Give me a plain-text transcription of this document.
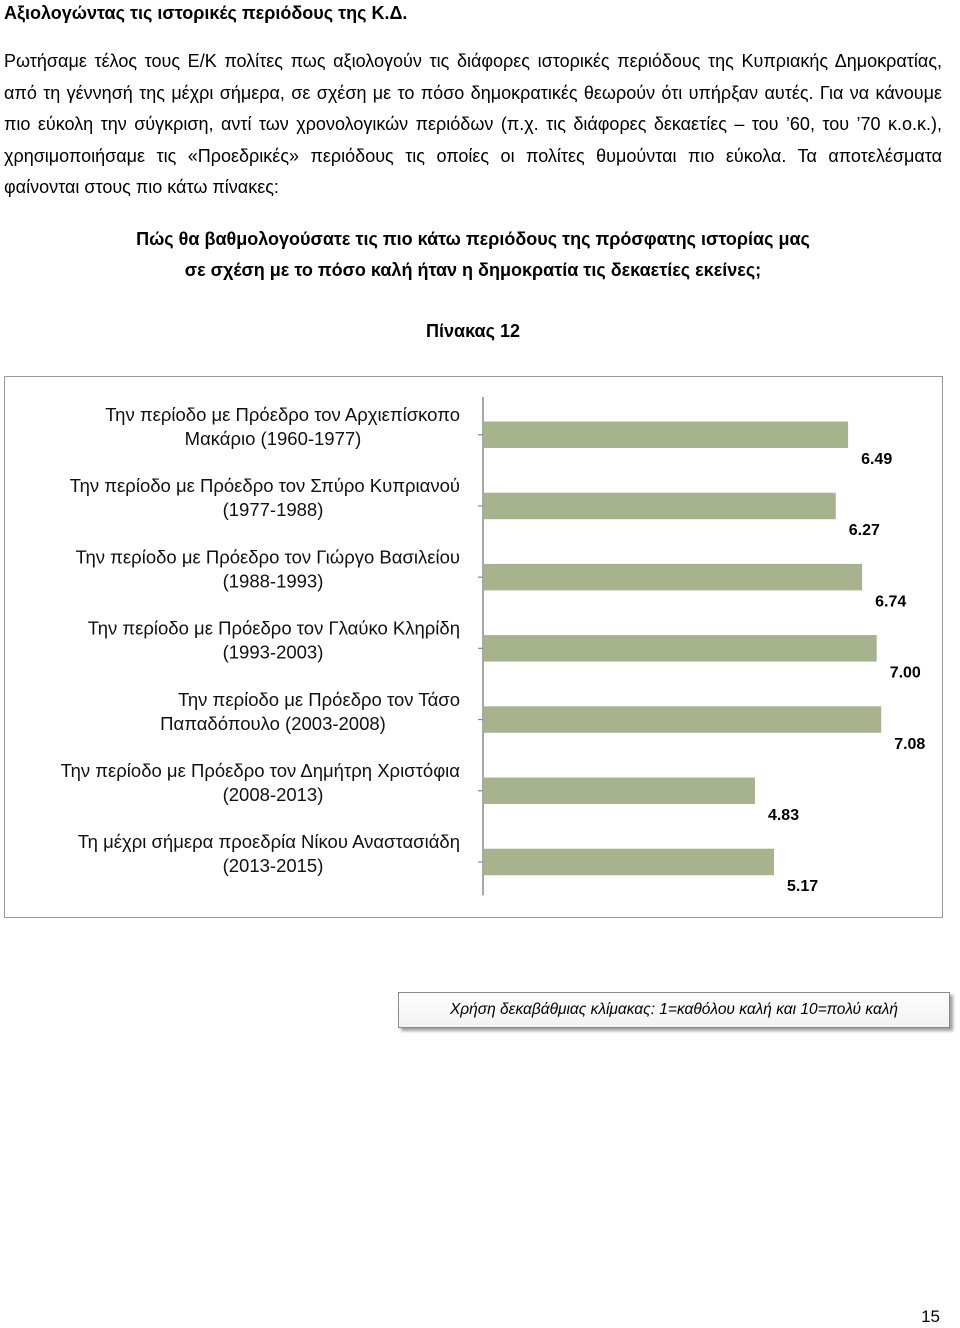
Αξιολογώντας τις ιστορικές περιόδους της Κ.Δ.

Ρωτήσαμε τέλος τους Ε/Κ πολίτες πως αξιολογούν τις διάφορες ιστορικές περιόδους της Κυπριακής Δημοκρατίας, από τη γέννησή της μέχρι σήμερα, σε σχέση με το πόσο δημοκρατικές θεωρούν ότι υπήρξαν αυτές. Για να κάνουμε πιο εύκολη την σύγκριση, αντί των χρονολογικών περιόδων (π.χ. τις διάφορες δεκαετίες – του ’60, του ’70 κ.ο.κ.), χρησιμοποιήσαμε τις «Προεδρικές» περιόδους τις οποίες οι πολίτες θυμούνται πιο εύκολα. Τα αποτελέσματα φαίνονται στους πιο κάτω πίνακες:

Πώς θα βαθμολογούσατε τις πιο κάτω περιόδους της πρόσφατης ιστορίας μας
σε σχέση με το πόσο καλή ήταν η δημοκρατία τις δεκαετίες εκείνες;
Πίνακας 12
6.49
Την περίοδο με Πρόεδρο τον Αρχιεπίσκοπο
Μακάριο (1960-1977)
6.27
Την περίοδο με Πρόεδρο τον Σπύρο Κυπριανού
(1977-1988)
6.74
Την περίοδο με Πρόεδρο τον Γιώργο Βασιλείου
(1988-1993)
7.00
Την περίοδο με Πρόεδρο τον Γλαύκο Κληρίδη
(1993-2003)
7.08
Την περίοδο με Πρόεδρο τον Τάσο
Παπαδόπουλο (2003-2008)
4.83
Την περίοδο με Πρόεδρο τον Δημήτρη Χριστόφια
(2008-2013)
5.17
Τη μέχρι σήμερα προεδρία Νίκου Αναστασιάδη
(2013-2015)
Χρήση δεκαβάθμιας κλίμακας: 1=καθόλου καλή και 10=πολύ καλή
15
